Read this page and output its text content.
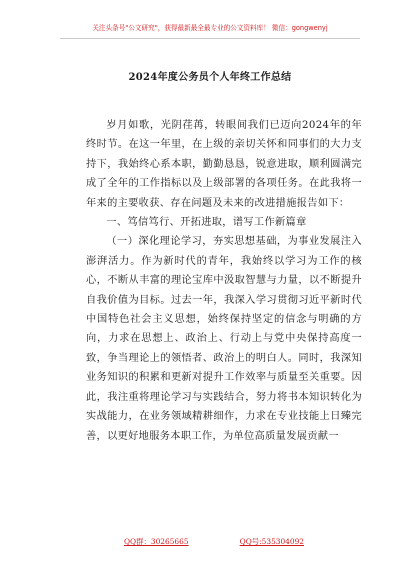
关注头条号"公文研究"，获得最新最全最专业的公文资料库！ 微信：gongwenyj
2024年度公务员个人年终工作总结

岁月如歌，光阴荏苒，转眼间我们已迈向2024年的年终时节。在这一年里，在上级的亲切关怀和同事们的大力支持下，我始终心系本职，勤勤恳恳，锐意进取，顺利圆满完成了全年的工作指标以及上级部署的各项任务。在此我将一年来的主要收获、存在问题及未来的改进措施报告如下：

一、笃信笃行、开拓进取，谱写工作新篇章

（一）深化理论学习，夯实思想基础，为事业发展注入澎湃活力。作为新时代的青年，我始终以学习为工作的核心，不断从丰富的理论宝库中汲取智慧与力量，以不断提升自我价值为目标。过去一年，我深入学习贯彻习近平新时代中国特色社会主义思想，始终保持坚定的信念与明确的方向，力求在思想上、政治上、行动上与党中央保持高度一致，争当理论上的领悟者、政治上的明白人。同时，我深知业务知识的积累和更新对提升工作效率与质量至关重要。因此，我注重将理论学习与实践结合，努力将书本知识转化为实战能力，在业务领域精耕细作，力求在专业技能上日臻完善，以更好地服务本职工作，为单位高质量发展贡献一

QQ群：30265665	QQ号:535304092
